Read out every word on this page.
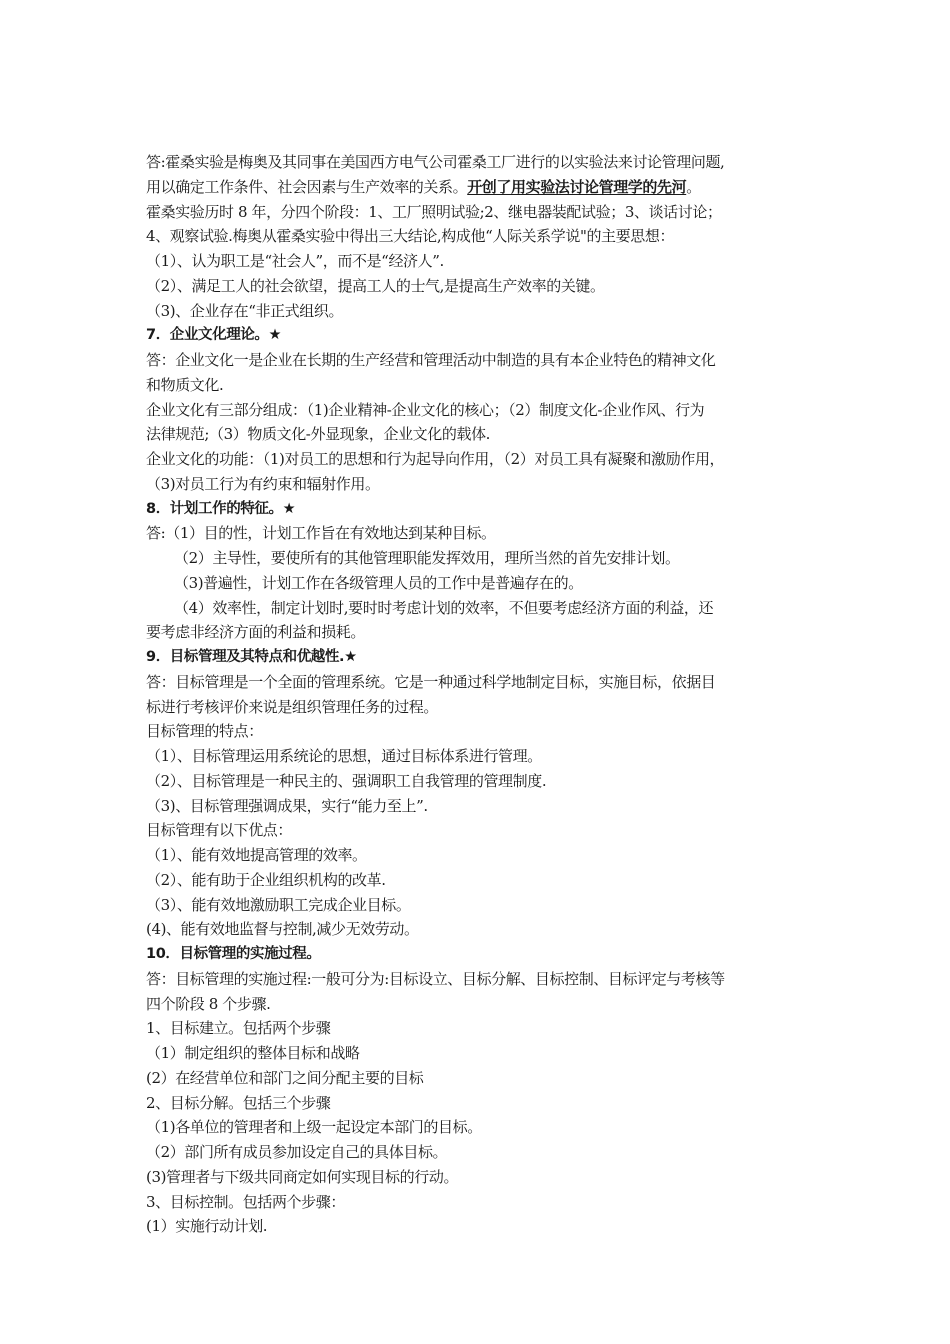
答:霍桑实验是梅奥及其同事在美国西方电气公司霍桑工厂进行的以实验法来讨论管理问题,
用以确定工作条件、社会因素与生产效率的关系。开创了用实验法讨论管理学的先河。
霍桑实验历时 8 年，分四个阶段：1、工厂照明试验;2、继电器装配试验；3、谈话讨论；
4、观察试验.梅奥从霍桑实验中得出三大结论,构成他“人际关系学说"的主要思想：
（1）、认为职工是“社会人”，而不是“经济人”.
（2）、满足工人的社会欲望，提高工人的士气,是提高生产效率的关键。
（3)、企业存在“非正式组织。
7．企业文化理论。★
答：企业文化一是企业在长期的生产经营和管理活动中制造的具有本企业特色的精神文化
和物质文化.
企业文化有三部分组成：（1)企业精神-企业文化的核心；（2）制度文化-企业作风、行为
法律规范;（3）物质文化-外显现象，企业文化的载体.
企业文化的功能：（1)对员工的思想和行为起导向作用，（2）对员工具有凝聚和激励作用，
（3)对员工行为有约束和辐射作用。
8．计划工作的特征。★
答:（1）目的性，计划工作旨在有效地达到某种目标。
（2）主导性，要使所有的其他管理职能发挥效用，理所当然的首先安排计划。
（3)普遍性，计划工作在各级管理人员的工作中是普遍存在的。
（4）效率性，制定计划时,要时时考虑计划的效率，不但要考虑经济方面的利益，还
要考虑非经济方面的利益和损耗。
9．目标管理及其特点和优越性.★
答：目标管理是一个全面的管理系统。它是一种通过科学地制定目标，实施目标，依据目
标进行考核评价来说是组织管理任务的过程。
目标管理的特点：
（1）、目标管理运用系统论的思想，通过目标体系进行管理。
（2）、目标管理是一种民主的、强调职工自我管理的管理制度.
（3)、目标管理强调成果，实行“能力至上”.
目标管理有以下优点：
（1）、能有效地提高管理的效率。
（2）、能有助于企业组织机构的改革.
（3）、能有效地激励职工完成企业目标。
(4)、能有效地监督与控制,减少无效劳动。
10．目标管理的实施过程。
答：目标管理的实施过程:一般可分为:目标设立、目标分解、目标控制、目标评定与考核等
四个阶段 8 个步骤.
1、目标建立。包括两个步骤
（1）制定组织的整体目标和战略
(2）在经营单位和部门之间分配主要的目标
2、目标分解。包括三个步骤
（1)各单位的管理者和上级一起设定本部门的目标。
（2）部门所有成员参加设定自己的具体目标。
(3)管理者与下级共同商定如何实现目标的行动。
3、目标控制。包括两个步骤：
(1）实施行动计划.
